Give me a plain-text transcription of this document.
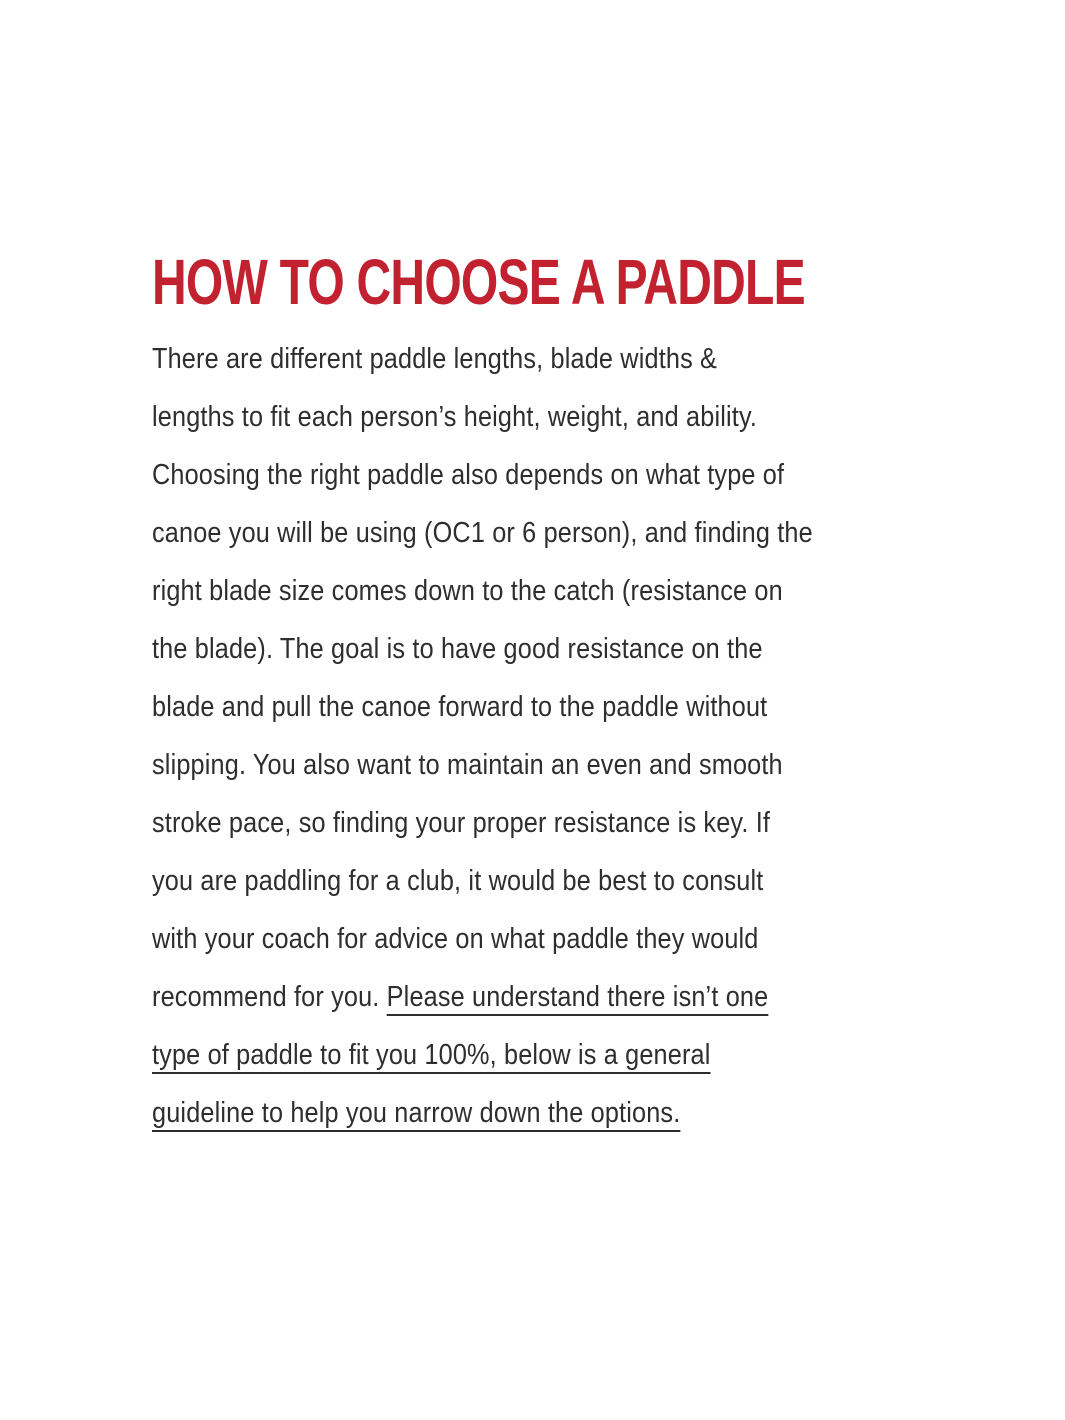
HOW TO CHOOSE A PADDLE
There are different paddle lengths, blade widths &
lengths to fit each person’s height, weight, and ability.
Choosing the right paddle also depends on what type of
canoe you will be using (OC1 or 6 person), and finding the
right blade size comes down to the catch (resistance on
the blade). The goal is to have good resistance on the
blade and pull the canoe forward to the paddle without
slipping. You also want to maintain an even and smooth
stroke pace, so finding your proper resistance is key. If
you are paddling for a club, it would be best to consult
with your coach for advice on what paddle they would
recommend for you. Please understand there isn’t one
type of paddle to fit you 100%, below is a general
guideline to help you narrow down the options.
